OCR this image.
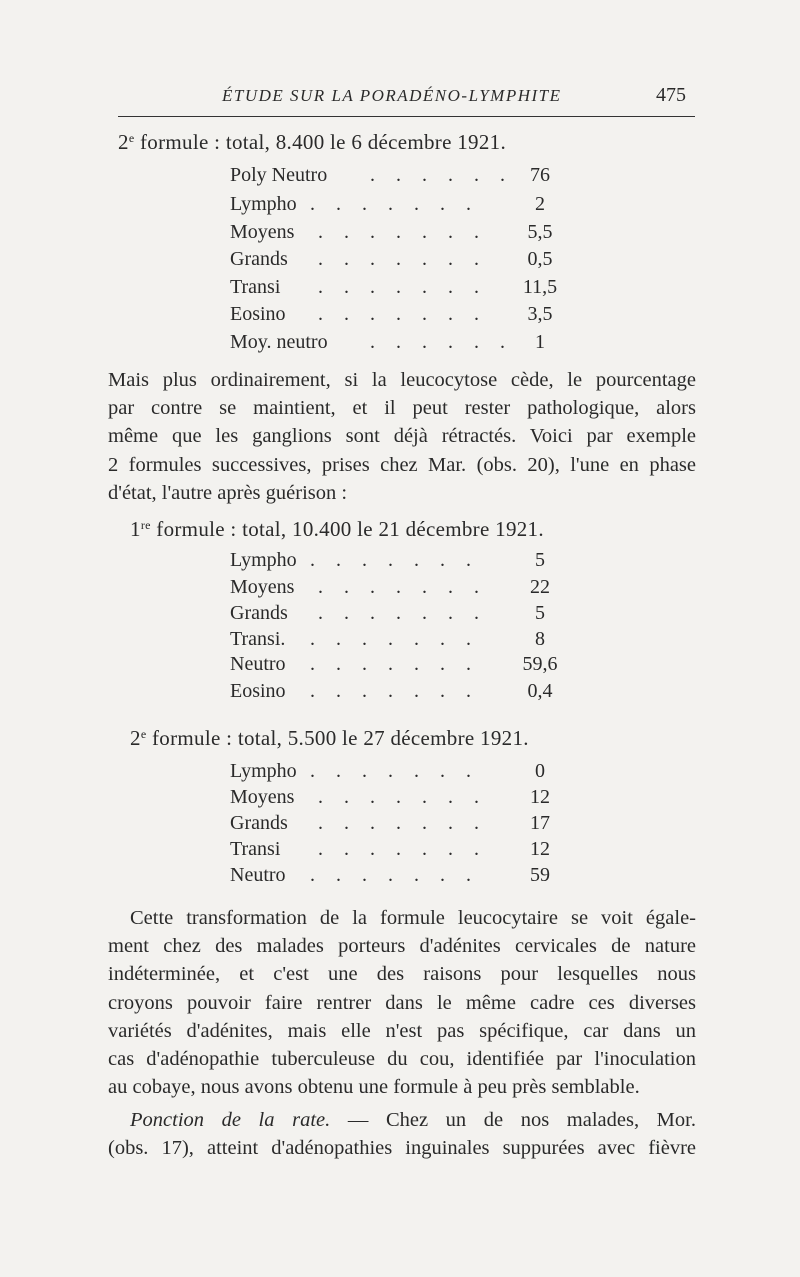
ÉTUDE SUR LA PORADÉNO-LYMPHITE	475
2e formule : total, 8.400 le 6 décembre 1921.
Poly Neutro . . . . . . 76
Lympho . . . . . . .	2
Moyens . . . . . . .	5,5
Grands . . . . . . .	0,5
Transi . . . . . . .	11,5
Eosino . . . . . . .	3,5
Moy. neutro . . . . . .	1
Mais plus ordinairement, si la leucocytose cède, le pourcentage
par contre se maintient, et il peut rester pathologique, alors
même que les ganglions sont déjà rétractés. Voici par exemple
2 formules successives, prises chez Mar. (obs. 20), l'une en phase
d'état, l'autre après guérison :
1re formule : total, 10.400 le 21 décembre 1921.
Lympho . . . . . . .	5
Moyens . . . . . . .	22
Grands . . . . . . .	5
Transi. . . . . . . .	8
Neutro . . . . . . .	59,6
Eosino . . . . . . .	0,4
2e formule : total, 5.500 le 27 décembre 1921.
Lympho . . . . . . .	0
Moyens . . . . . . .	12
Grands . . . . . . .	17
Transi . . . . . . .	12
Neutro . . . . . . .	59
Cette transformation de la formule leucocytaire se voit égale-
ment chez des malades porteurs d'adénites cervicales de nature
indéterminée, et c'est une des raisons pour lesquelles nous
croyons pouvoir faire rentrer dans le même cadre ces diverses
variétés d'adénites, mais elle n'est pas spécifique, car dans un
cas d'adénopathie tuberculeuse du cou, identifiée par l'inoculation
au cobaye, nous avons obtenu une formule à peu près semblable.
Ponction de la rate. — Chez un de nos malades, Mor.
(obs. 17), atteint d'adénopathies inguinales suppurées avec fièvre
